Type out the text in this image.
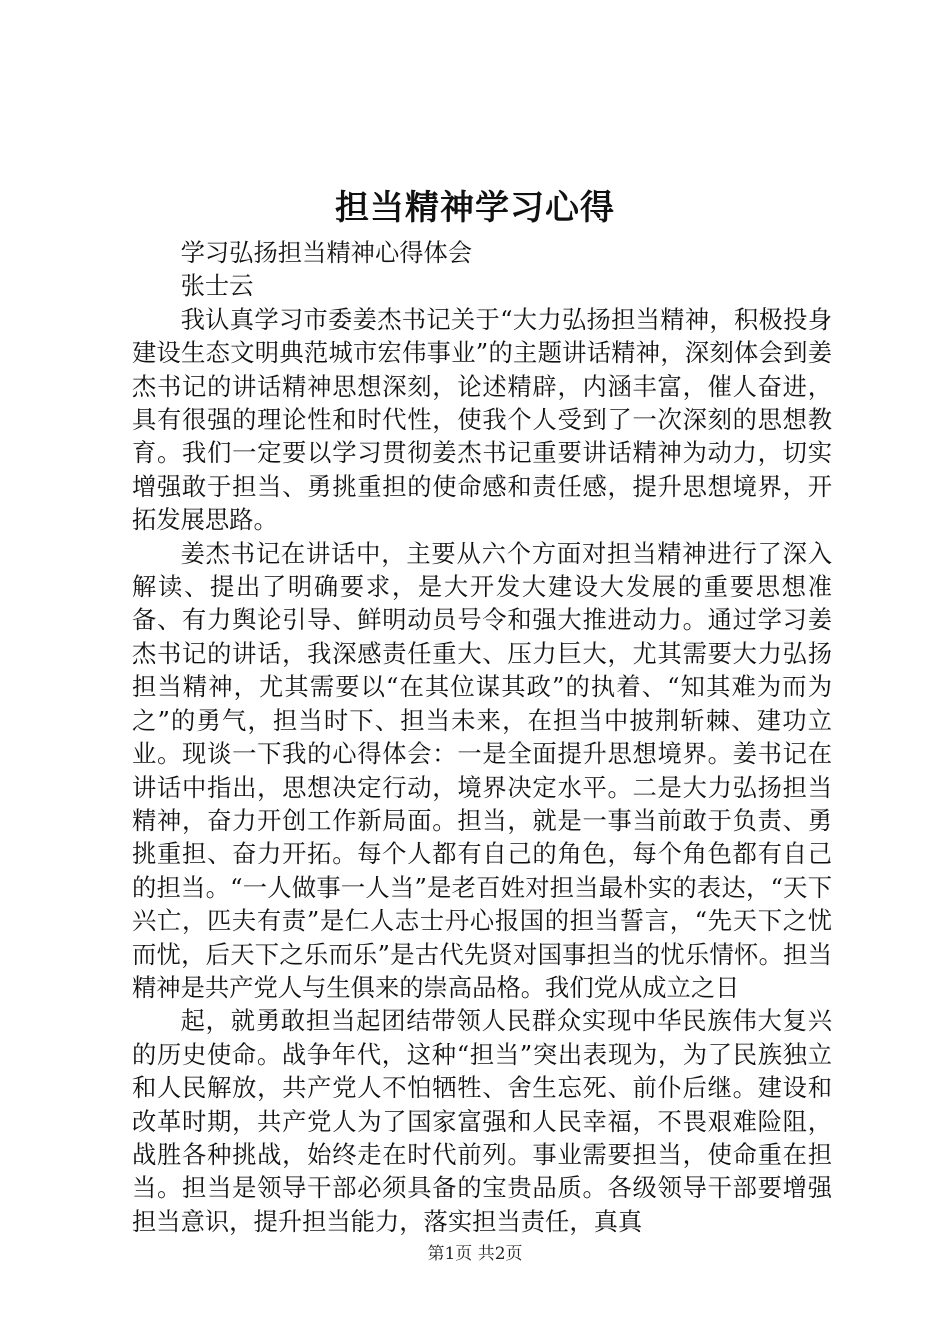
担当精神学习心得

学习弘扬担当精神心得体会

张士云

我认真学习市委姜杰书记关于“大力弘扬担当精神，积极投身建设生态文明典范城市宏伟事业”的主题讲话精神，深刻体会到姜杰书记的讲话精神思想深刻，论述精辟，内涵丰富，催人奋进，具有很强的理论性和时代性，使我个人受到了一次深刻的思想教育。我们一定要以学习贯彻姜杰书记重要讲话精神为动力，切实增强敢于担当、勇挑重担的使命感和责任感，提升思想境界，开拓发展思路。

姜杰书记在讲话中，主要从六个方面对担当精神进行了深入解读、提出了明确要求，是大开发大建设大发展的重要思想准备、有力舆论引导、鲜明动员号令和强大推进动力。通过学习姜杰书记的讲话，我深感责任重大、压力巨大，尤其需要大力弘扬担当精神，尤其需要以“在其位谋其政”的执着、“知其难为而为之”的勇气，担当时下、担当未来，在担当中披荆斩棘、建功立业。现谈一下我的心得体会：一是全面提升思想境界。姜书记在讲话中指出，思想决定行动，境界决定水平。二是大力弘扬担当精神，奋力开创工作新局面。担当，就是一事当前敢于负责、勇挑重担、奋力开拓。每个人都有自己的角色，每个角色都有自己的担当。“一人做事一人当”是老百姓对担当最朴实的表达，“天下兴亡，匹夫有责”是仁人志士丹心报国的担当誓言，“先天下之忧而忧，后天下之乐而乐”是古代先贤对国事担当的忧乐情怀。担当精神是共产党人与生俱来的崇高品格。我们党从成立之日

起，就勇敢担当起团结带领人民群众实现中华民族伟大复兴的历史使命。战争年代，这种“担当”突出表现为，为了民族独立和人民解放，共产党人不怕牺牲、舍生忘死、前仆后继。建设和改革时期，共产党人为了国家富强和人民幸福，不畏艰难险阻，战胜各种挑战，始终走在时代前列。事业需要担当，使命重在担当。担当是领导干部必须具备的宝贵品质。各级领导干部要增强担当意识，提升担当能力，落实担当责任，真真

第1页 共2页
